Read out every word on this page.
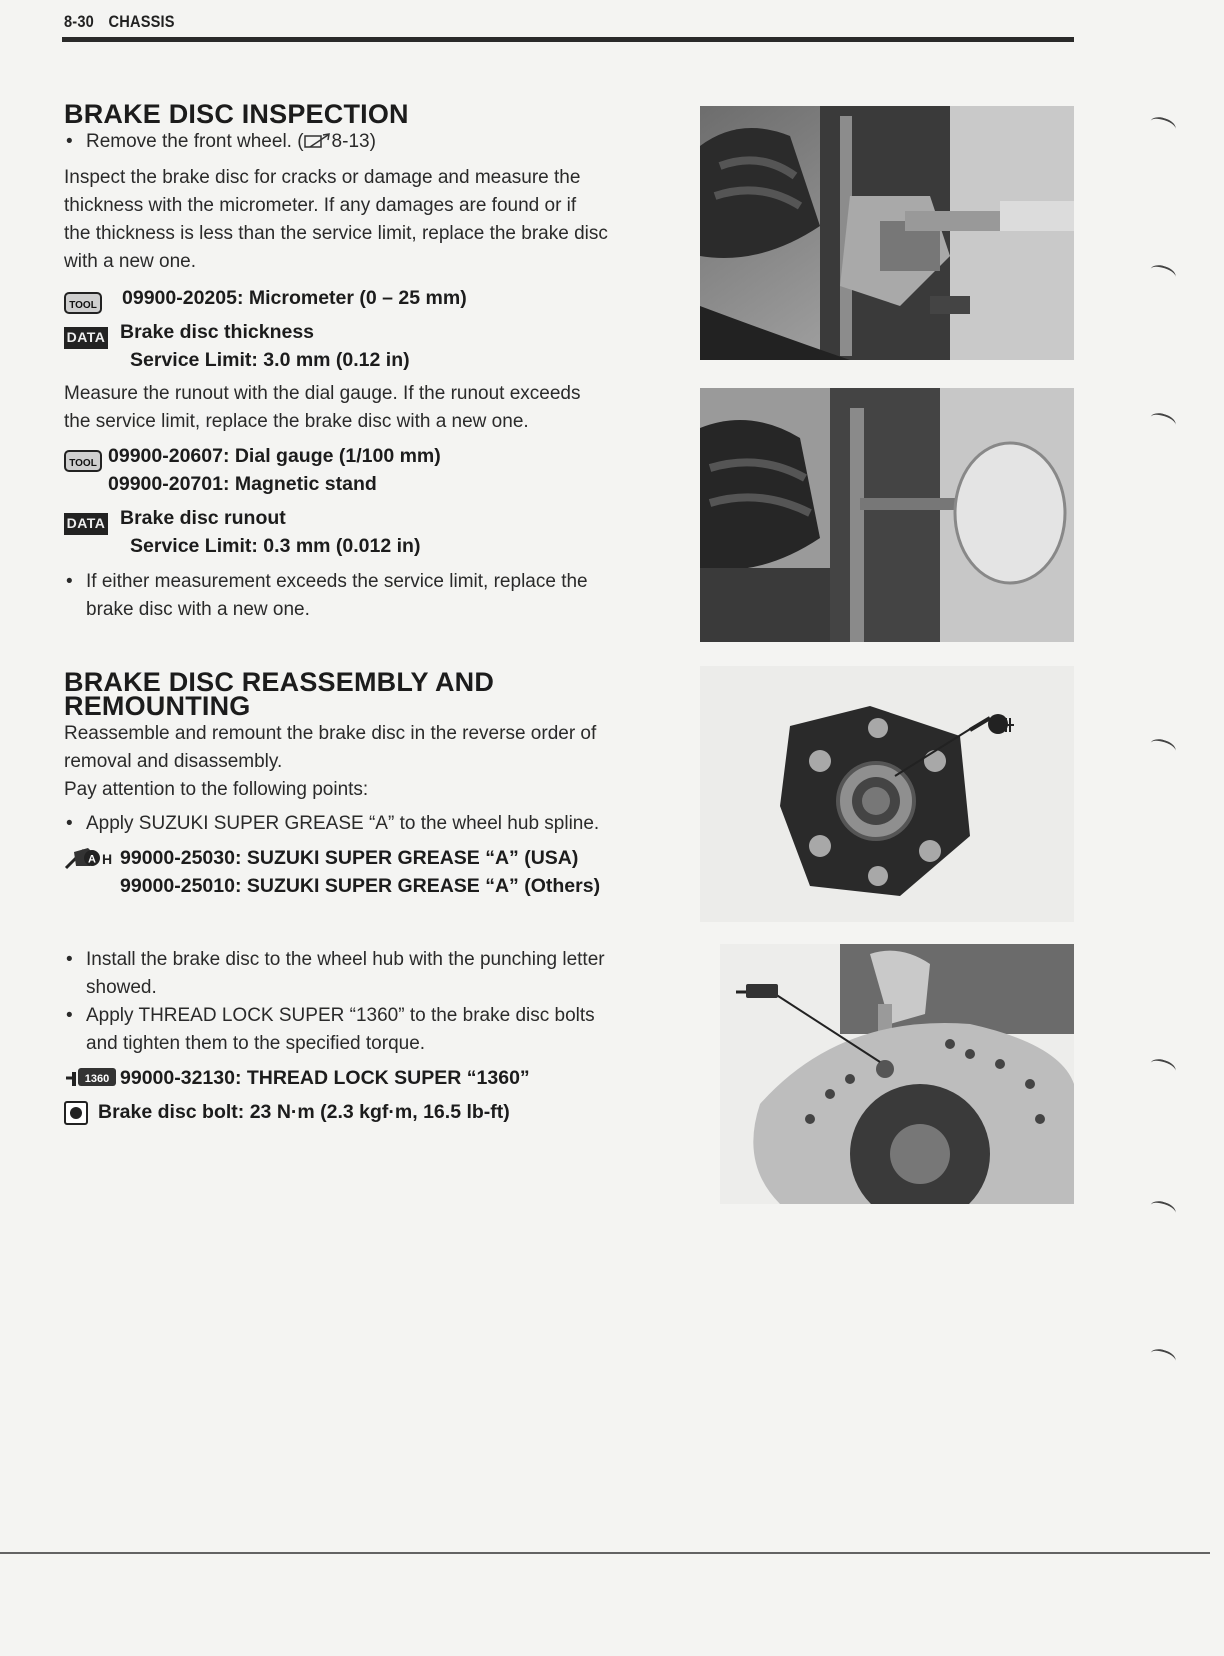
8-30 CHASSIS
BRAKE DISC INSPECTION
• Remove the front wheel. ( 8-13)
Inspect the brake disc for cracks or damage and measure the
thickness with the micrometer. If any damages are found or if
the thickness is less than the service limit, replace the brake disc
with a new one.
TOOL 09900-20205: Micrometer (0 – 25 mm)
DATA Brake disc thickness
Service Limit: 3.0 mm (0.12 in)
Measure the runout with the dial gauge. If the runout exceeds
the service limit, replace the brake disc with a new one.
TOOL 09900-20607: Dial gauge (1/100 mm)
09900-20701: Magnetic stand
DATA Brake disc runout
Service Limit: 0.3 mm (0.012 in)
• If either measurement exceeds the service limit, replace the
brake disc with a new one.
BRAKE DISC REASSEMBLY AND
REMOUNTING
Reassemble and remount the brake disc in the reverse order of
removal and disassembly.
Pay attention to the following points:
• Apply SUZUKI SUPER GREASE “A” to the wheel hub spline.
A H 99000-25030: SUZUKI SUPER GREASE “A” (USA)
99000-25010: SUZUKI SUPER GREASE “A” (Others)
• Install the brake disc to the wheel hub with the punching letter
showed.
• Apply THREAD LOCK SUPER “1360” to the brake disc bolts
and tighten them to the specified torque.
1360 99000-32130: THREAD LOCK SUPER “1360”
Brake disc bolt: 23 N·m (2.3 kgf·m, 16.5 lb-ft)
